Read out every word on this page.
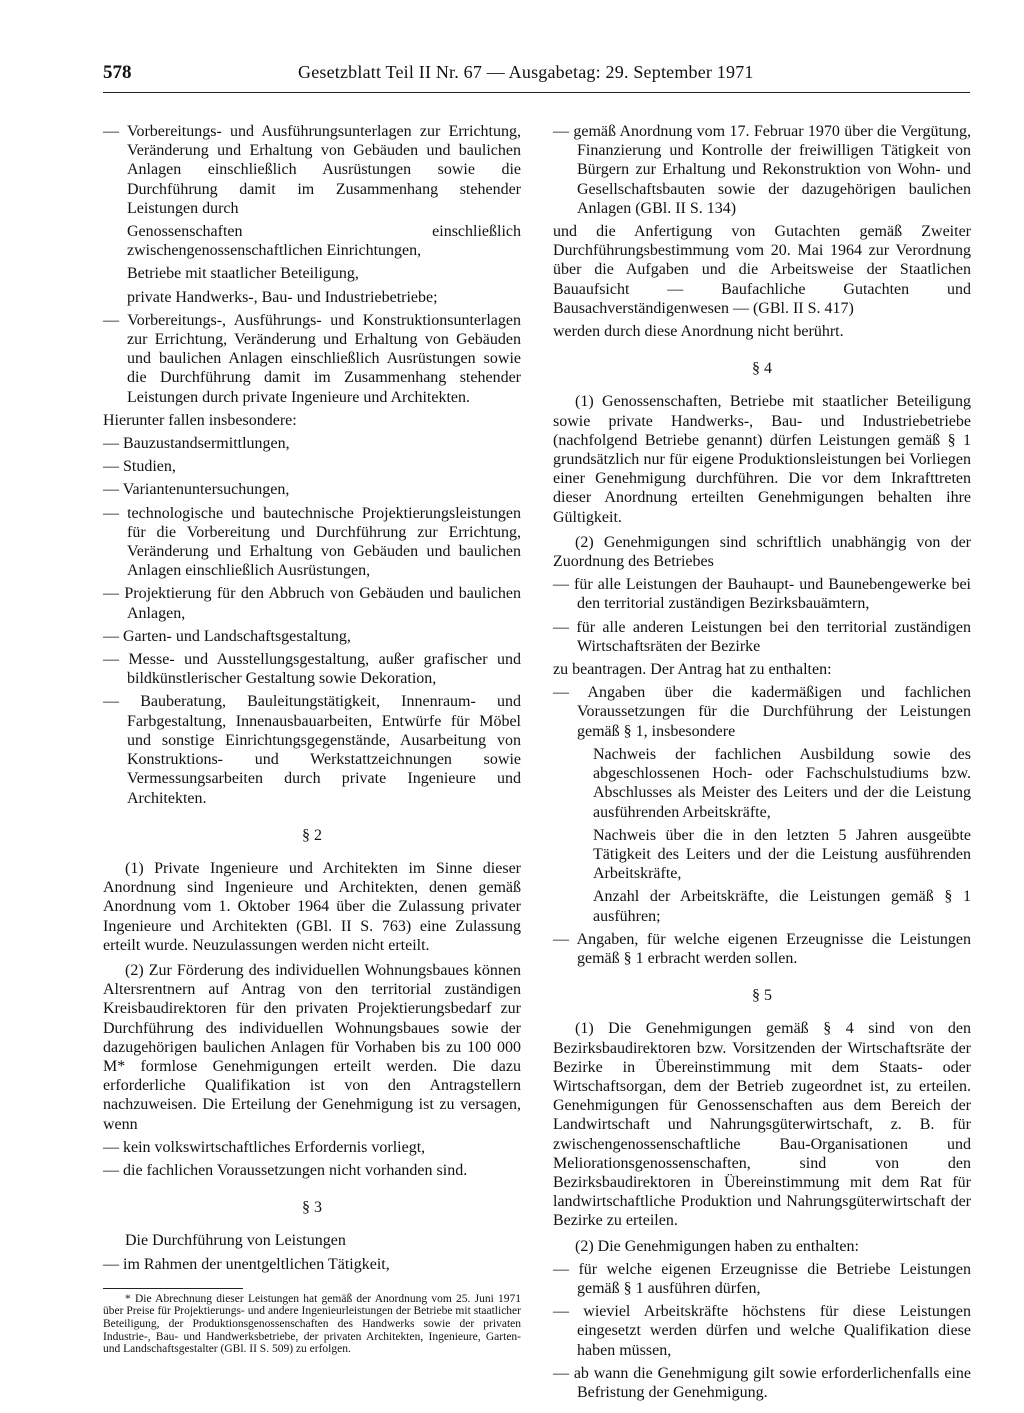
578	Gesetzblatt Teil II Nr. 67 — Ausgabetag: 29. September 1971

— Vorbereitungs- und Ausführungsunterlagen zur Errichtung, Veränderung und Erhaltung von Gebäuden und baulichen Anlagen einschließlich Ausrüstungen sowie die Durchführung damit im Zusammenhang stehender Leistungen durch

Genossenschaften einschließlich zwischengenossenschaftlichen Einrichtungen,

Betriebe mit staatlicher Beteiligung,

private Handwerks-, Bau- und Industriebetriebe;

— Vorbereitungs-, Ausführungs- und Konstruktionsunterlagen zur Errichtung, Veränderung und Erhaltung von Gebäuden und baulichen Anlagen einschließlich Ausrüstungen sowie die Durchführung damit im Zusammenhang stehender Leistungen durch private Ingenieure und Architekten.

Hierunter fallen insbesondere:

— Bauzustandsermittlungen,

— Studien,

— Variantenuntersuchungen,

— technologische und bautechnische Projektierungsleistungen für die Vorbereitung und Durchführung zur Errichtung, Veränderung und Erhaltung von Gebäuden und baulichen Anlagen einschließlich Ausrüstungen,

— Projektierung für den Abbruch von Gebäuden und baulichen Anlagen,

— Garten- und Landschaftsgestaltung,

— Messe- und Ausstellungsgestaltung, außer grafischer und bildkünstlerischer Gestaltung sowie Dekoration,

— Bauberatung, Bauleitungstätigkeit, Innenraum- und Farbgestaltung, Innenausbauarbeiten, Entwürfe für Möbel und sonstige Einrichtungsgegenstände, Ausarbeitung von Konstruktions- und Werkstattzeichnungen sowie Vermessungsarbeiten durch private Ingenieure und Architekten.

§ 2

(1) Private Ingenieure und Architekten im Sinne dieser Anordnung sind Ingenieure und Architekten, denen gemäß Anordnung vom 1. Oktober 1964 über die Zulassung privater Ingenieure und Architekten (GBl. II S. 763) eine Zulassung erteilt wurde. Neuzulassungen werden nicht erteilt.

(2) Zur Förderung des individuellen Wohnungsbaues können Altersrentnern auf Antrag von den territorial zuständigen Kreisbaudirektoren für den privaten Projektierungsbedarf zur Durchführung des individuellen Wohnungsbaues sowie der dazugehörigen baulichen Anlagen für Vorhaben bis zu 100 000 M* formlose Genehmigungen erteilt werden. Die dazu erforderliche Qualifikation ist von den Antragstellern nachzuweisen. Die Erteilung der Genehmigung ist zu versagen, wenn

— kein volkswirtschaftliches Erfordernis vorliegt,

— die fachlichen Voraussetzungen nicht vorhanden sind.

§ 3

Die Durchführung von Leistungen

— im Rahmen der unentgeltlichen Tätigkeit,

* Die Abrechnung dieser Leistungen hat gemäß der Anordnung vom 25. Juni 1971 über Preise für Projektierungs- und andere Ingenieurleistungen der Betriebe mit staatlicher Beteiligung, der Produktionsgenossenschaften des Handwerks sowie der privaten Industrie-, Bau- und Handwerksbetriebe, der privaten Architekten, Ingenieure, Garten- und Landschaftsgestalter (GBl. II S. 509) zu erfolgen.

— gemäß Anordnung vom 17. Februar 1970 über die Vergütung, Finanzierung und Kontrolle der freiwilligen Tätigkeit von Bürgern zur Erhaltung und Rekonstruktion von Wohn- und Gesellschaftsbauten sowie der dazugehörigen baulichen Anlagen (GBl. II S. 134)

und die Anfertigung von Gutachten gemäß Zweiter Durchführungsbestimmung vom 20. Mai 1964 zur Verordnung über die Aufgaben und die Arbeitsweise der Staatlichen Bauaufsicht — Baufachliche Gutachten und Bausachverständigenwesen — (GBl. II S. 417)

werden durch diese Anordnung nicht berührt.

§ 4

(1) Genossenschaften, Betriebe mit staatlicher Beteiligung sowie private Handwerks-, Bau- und Industriebetriebe (nachfolgend Betriebe genannt) dürfen Leistungen gemäß § 1 grundsätzlich nur für eigene Produktionsleistungen bei Vorliegen einer Genehmigung durchführen. Die vor dem Inkrafttreten dieser Anordnung erteilten Genehmigungen behalten ihre Gültigkeit.

(2) Genehmigungen sind schriftlich unabhängig von der Zuordnung des Betriebes

— für alle Leistungen der Bauhaupt- und Baunebengewerke bei den territorial zuständigen Bezirksbauämtern,

— für alle anderen Leistungen bei den territorial zuständigen Wirtschaftsräten der Bezirke

zu beantragen. Der Antrag hat zu enthalten:

— Angaben über die kadermäßigen und fachlichen Voraussetzungen für die Durchführung der Leistungen gemäß § 1, insbesondere

Nachweis der fachlichen Ausbildung sowie des abgeschlossenen Hoch- oder Fachschulstudiums bzw. Abschlusses als Meister des Leiters und der die Leistung ausführenden Arbeitskräfte,

Nachweis über die in den letzten 5 Jahren ausgeübte Tätigkeit des Leiters und der die Leistung ausführenden Arbeitskräfte,

Anzahl der Arbeitskräfte, die Leistungen gemäß § 1 ausführen;

— Angaben, für welche eigenen Erzeugnisse die Leistungen gemäß § 1 erbracht werden sollen.

§ 5

(1) Die Genehmigungen gemäß § 4 sind von den Bezirksbaudirektoren bzw. Vorsitzenden der Wirtschaftsräte der Bezirke in Übereinstimmung mit dem Staats- oder Wirtschaftsorgan, dem der Betrieb zugeordnet ist, zu erteilen. Genehmigungen für Genossenschaften aus dem Bereich der Landwirtschaft und Nahrungsgüterwirtschaft, z. B. für zwischengenossenschaftliche Bau-Organisationen und Meliorationsgenossenschaften, sind von den Bezirksbaudirektoren in Übereinstimmung mit dem Rat für landwirtschaftliche Produktion und Nahrungsgüterwirtschaft der Bezirke zu erteilen.

(2) Die Genehmigungen haben zu enthalten:

— für welche eigenen Erzeugnisse die Betriebe Leistungen gemäß § 1 ausführen dürfen,

— wieviel Arbeitskräfte höchstens für diese Leistungen eingesetzt werden dürfen und welche Qualifikation diese haben müssen,

— ab wann die Genehmigung gilt sowie erforderlichenfalls eine Befristung der Genehmigung.
